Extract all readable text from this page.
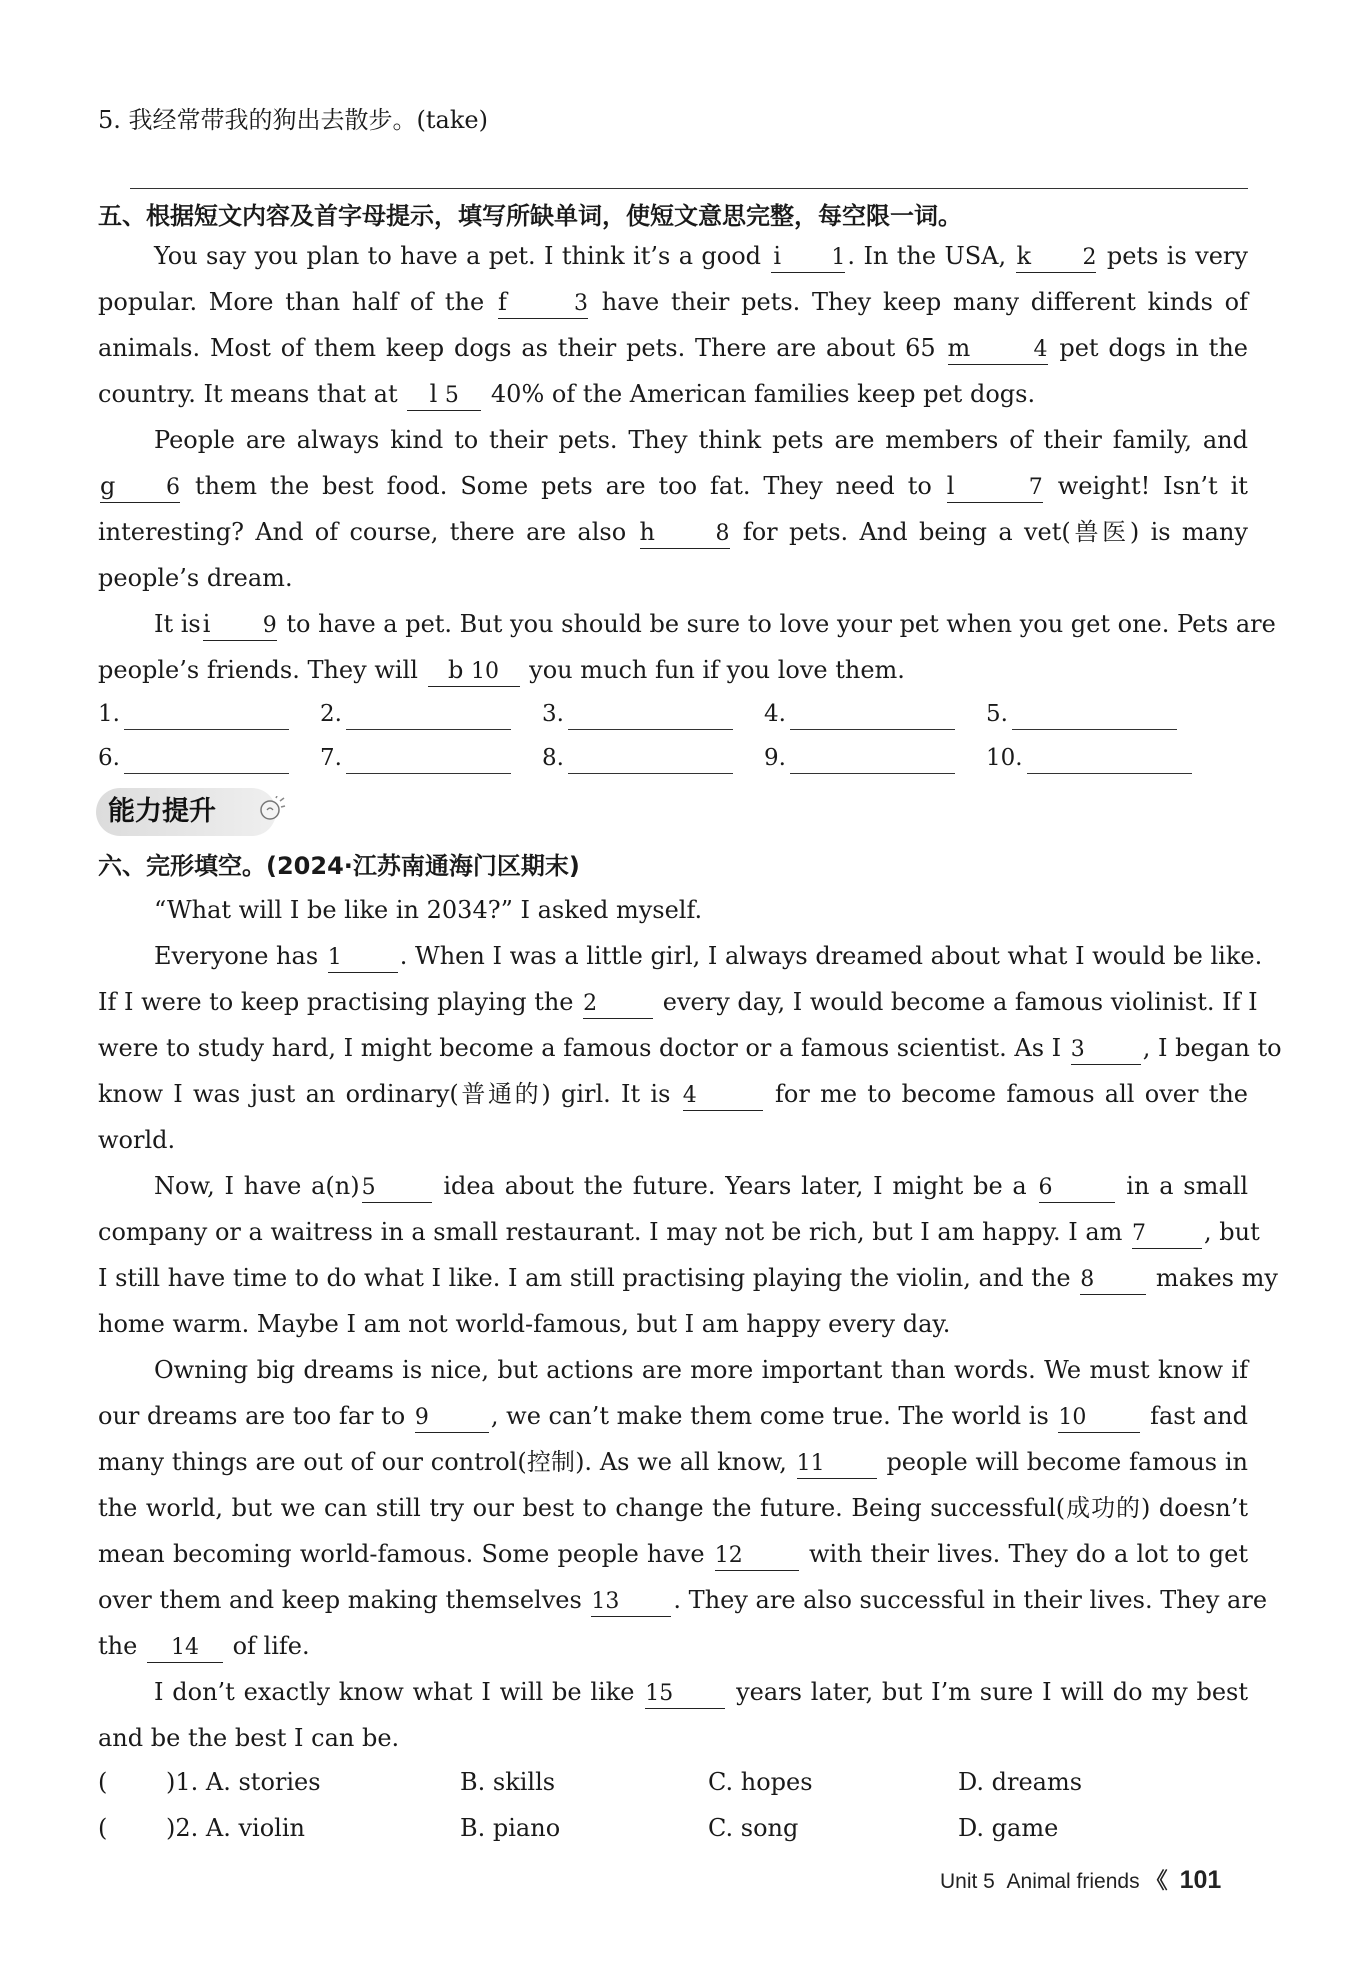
5. 我经常带我的狗出去散步。(take)
五、根据短文内容及首字母提示，填写所缺单词，使短文意思完整，每空限一词。
You say you plan to have a pet. I think it’s a good i 1. In the USA, k 2 pets is very
popular. More than half of the f	3 have their pets. They keep many different kinds of
animals. Most of them keep dogs as their pets. There are about 65 m	4 pet dogs in the
country. It means that at l 5 40% of the American families keep pet dogs.
People are always kind to their pets. They think pets are members of their family, and
g 6 them the best food. Some pets are too fat. They need to l	7 weight! Isn’t it
interesting? And of course, there are also h	8 for pets. And being a vet(兽医) is many
people’s dream.
It isi 9 to have a pet. But you should be sure to love your pet when you get one. Pets are
people’s friends. They will b 10 you much fun if you love them.
1.	2.	3.	4.	5.
6.	7.	8.	9.	10.
能力提升
六、完形填空。(2024·江苏南通海门区期末)
“What will I be like in 2034?” I asked myself.
Everyone has 1 . When I was a little girl, I always dreamed about what I would be like.
If I were to keep practising playing the 2	every day, I would become a famous violinist. If I
were to study hard, I might become a famous doctor or a famous scientist. As I 3 , I began to
know I was just an ordinary(普通的) girl. It is 4	for me to become famous all over the
world.
Now, I have a(n)5	idea about the future. Years later, I might be a 6	in a small
company or a waitress in a small restaurant. I may not be rich, but I am happy. I am 7 , but
I still have time to do what I like. I am still practising playing the violin, and the 8	makes my
home warm. Maybe I am not world-famous, but I am happy every day.
Owning big dreams is nice, but actions are more important than words. We must know if
our dreams are too far to 9	, we can’t make them come true. The world is 10	fast and
many things are out of our control(控制). As we all know, 11	people will become famous in
the world, but we can still try our best to change the future. Being successful(成功的) doesn’t
mean becoming world-famous. Some people have 12	with their lives. They do a lot to get
over them and keep making themselves 13 . They are also successful in their lives. They are
the 14 of life.
I don’t exactly know what I will be like 15	years later, but I’m sure I will do my best
and be the best I can be.
( )1. A. stories	B. skills	C. hopes	D. dreams
( )2. A. violin	B. piano	C. song	D. game
Unit 5 Animal friends 《 101
